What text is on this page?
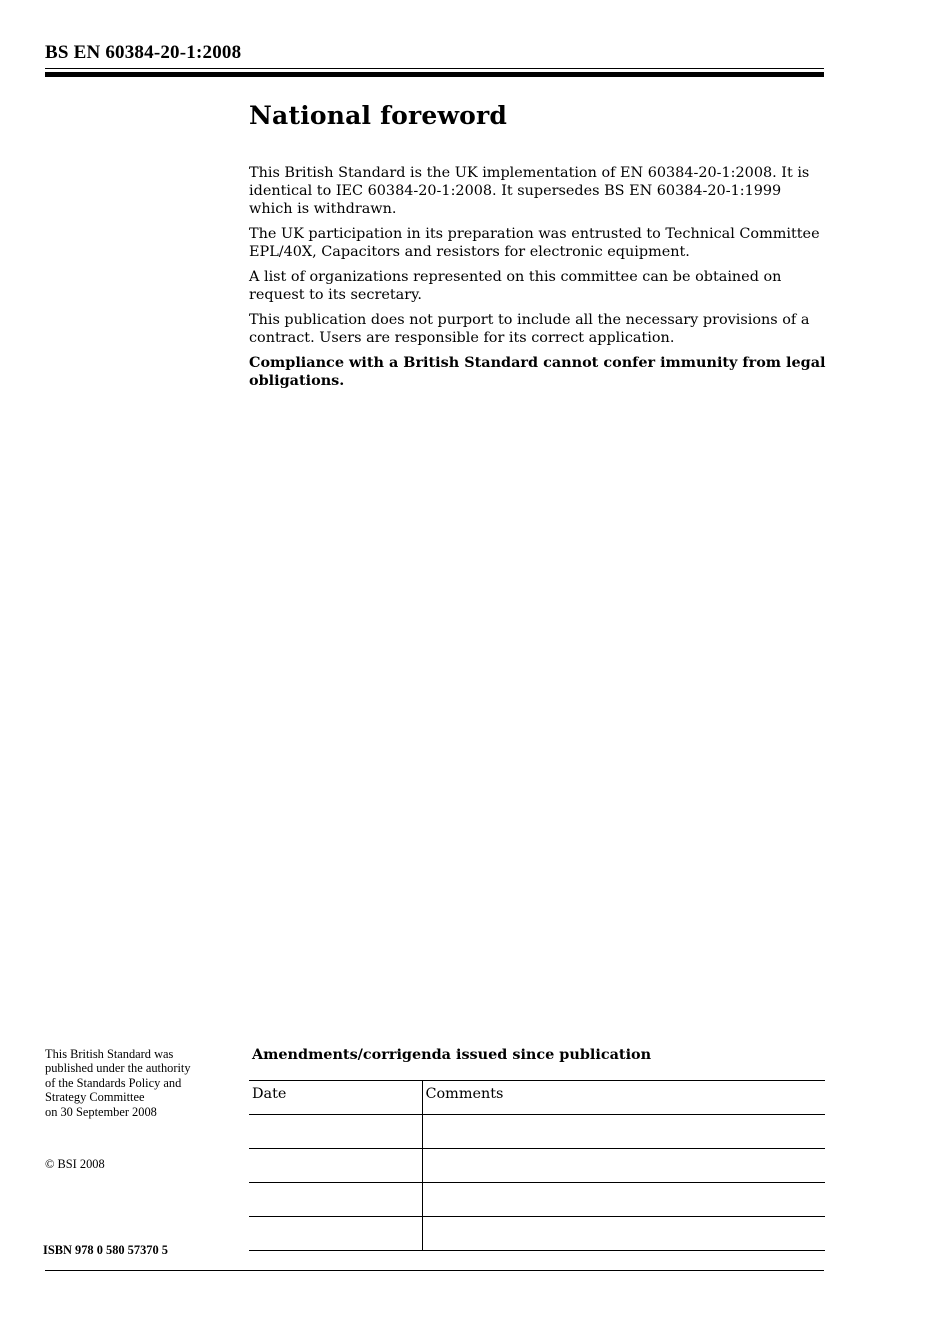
BS EN 60384-20-1:2008
National foreword

This British Standard is the UK implementation of EN 60384-20-1:2008. It is identical to IEC 60384-20-1:2008. It supersedes BS EN 60384-20-1:1999 which is withdrawn.

The UK participation in its preparation was entrusted to Technical Committee EPL/40X, Capacitors and resistors for electronic equipment.

A list of organizations represented on this committee can be obtained on request to its secretary.

This publication does not purport to include all the necessary provisions of a contract. Users are responsible for its correct application.

Compliance with a British Standard cannot confer immunity from legal obligations.

This British Standard was
published under the authority
of the Standards Policy and
Strategy Committee
on 30 September 2008
© BSI 2008
ISBN 978 0 580 57370 5
Amendments/corrigenda issued since publication
Date	Comments
